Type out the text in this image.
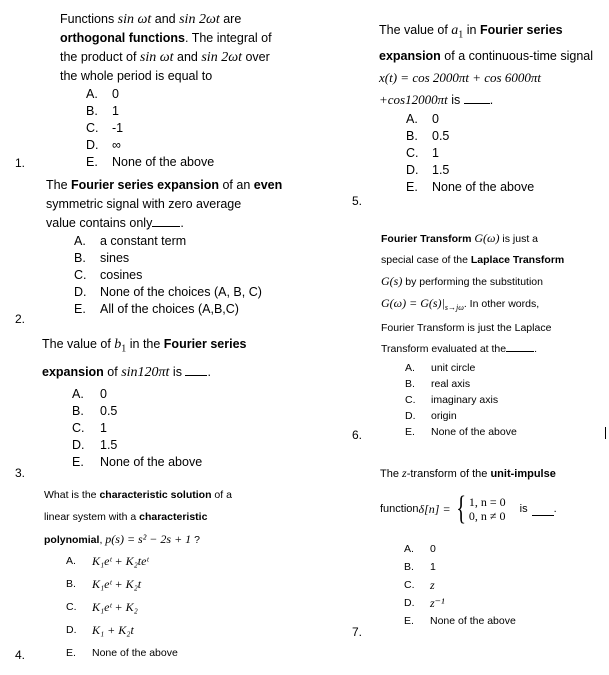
1.
Functions sin ωt and sin 2ωt are
orthogonal functions. The integral of
the product of sin ωt and sin 2ωt over
the whole period is equal to
A.	0
B.	1
C.	-1
D.	∞
E.	None of the above
2.
The Fourier series expansion of an even
symmetric signal with zero average
value contains only .
A.	a constant term
B.	sines
C.	cosines
D.	None of the choices (A, B, C)
E.	All of the choices (A,B,C)
3.
The value of $b_1$ in the Fourier series
expansion of sin120πt is .
A.	0
B.	0.5
C.	1
D.	1.5
E.	None of the above
4.
What is the characteristic solution of a
linear system with a characteristic
polynomial, p(s) = s² − 2s + 1 ?
A.	K₁eᵗ + K₂teᵗ
B.	K₁eᵗ + K₂t
C.	K₁eᵗ + K₂
D.	K₁ + K₂t
E.	None of the above
5.
The value of $a_1$ in Fourier series
expansion of a continuous-time signal
x(t) = cos 2000πt + cos 6000πt
+cos12000πt is .
A.	0
B.	0.5
C.	1
D.	1.5
E.	None of the above
6.
Fourier Transform G(ω) is just a
special case of the Laplace Transform
G(s) by performing the substitution
$G(\omega) = G(s)|_{s\to j\omega}$. In other words,
Fourier Transform is just the Laplace
Transform evaluated at the	.
A.	unit circle
B.	real axis
C.	imaginary axis
D.	origin
E.	None of the above
7.
The z-transform of the unit-impulse
function δ[n] = { 1, n = 0
0, n ≠ 0 is .
A.	0
B.	1
C.	z
D.	z⁻¹
E.	None of the above
